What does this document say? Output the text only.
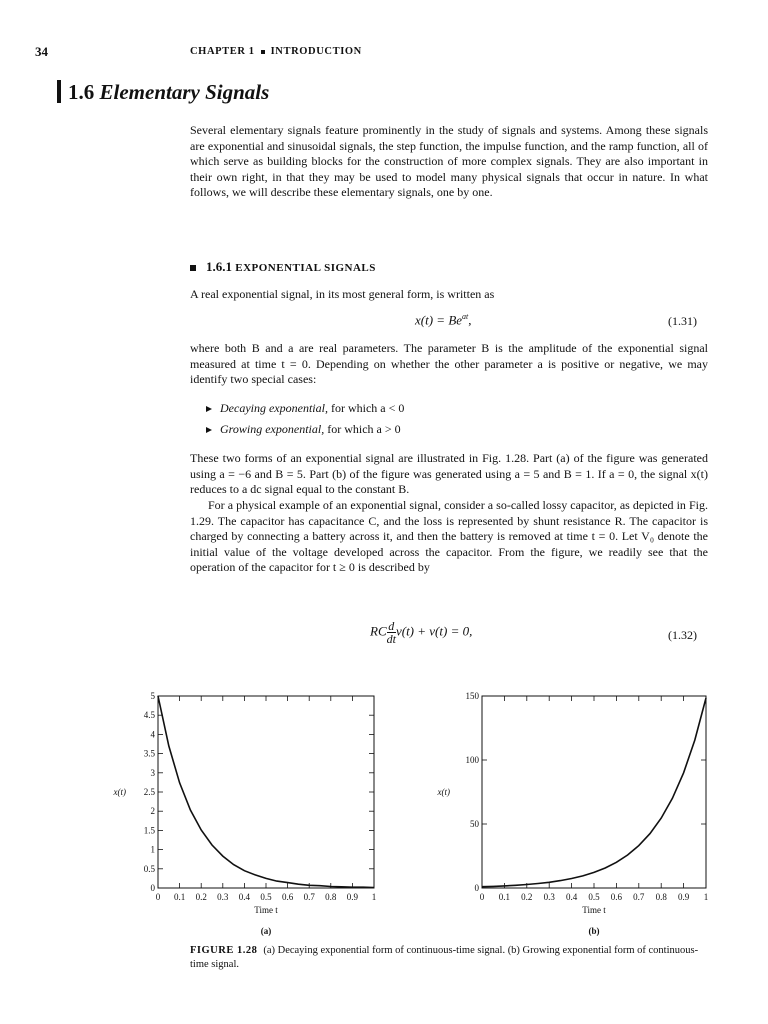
34	CHAPTER 1 INTRODUCTION
1.6 Elementary Signals

Several elementary signals feature prominently in the study of signals and systems. Among these signals are exponential and sinusoidal signals, the step function, the impulse function, and the ramp function, all of which serve as building blocks for the construction of more complex signals. They are also important in their own right, in that they may be used to model many physical signals that occur in nature. In what follows, we will describe these elementary signals, one by one.

1.6.1 EXPONENTIAL SIGNALS

A real exponential signal, in its most general form, is written as

$x(t) = Be^{at}$,	(1.31)

where both B and a are real parameters. The parameter B is the amplitude of the exponential signal measured at time t = 0. Depending on whether the other parameter a is positive or negative, we may identify two special cases:

Decaying exponential, for which a < 0
Growing exponential, for which a > 0

These two forms of an exponential signal are illustrated in Fig. 1.28. Part (a) of the figure was generated using a = −6 and B = 5. Part (b) of the figure was generated using a = 5 and B = 1. If a = 0, the signal x(t) reduces to a dc signal equal to the constant B.

For a physical example of an exponential signal, consider a so-called lossy capacitor, as depicted in Fig. 1.29. The capacitor has capacitance C, and the loss is represented by shunt resistance R. The capacitor is charged by connecting a battery across it, and then the battery is removed at time t = 0. Let V₀ denote the initial value of the voltage developed across the capacitor. From the figure, we readily see that the operation of the capacitor for t ≥ 0 is described by

RC $\frac{d}{dt} v(t) + v(t) = 0$,	(1.32)
0 0.1 0.2 0.3 0.4 0.5 0.6 0.7 0.8 0.9 1
0
0.5
1
1.5
2
2.5
3
3.5
4
4.5
5
x(t)
Time t
(a)
0 0.1 0.2 0.3 0.4 0.5 0.6 0.7 0.8 0.9 1
0
50
100
150
x(t)
Time t
(b)
FIGURE 1.28 (a) Decaying exponential form of continuous-time signal. (b) Growing exponential form of continuous-time signal.
